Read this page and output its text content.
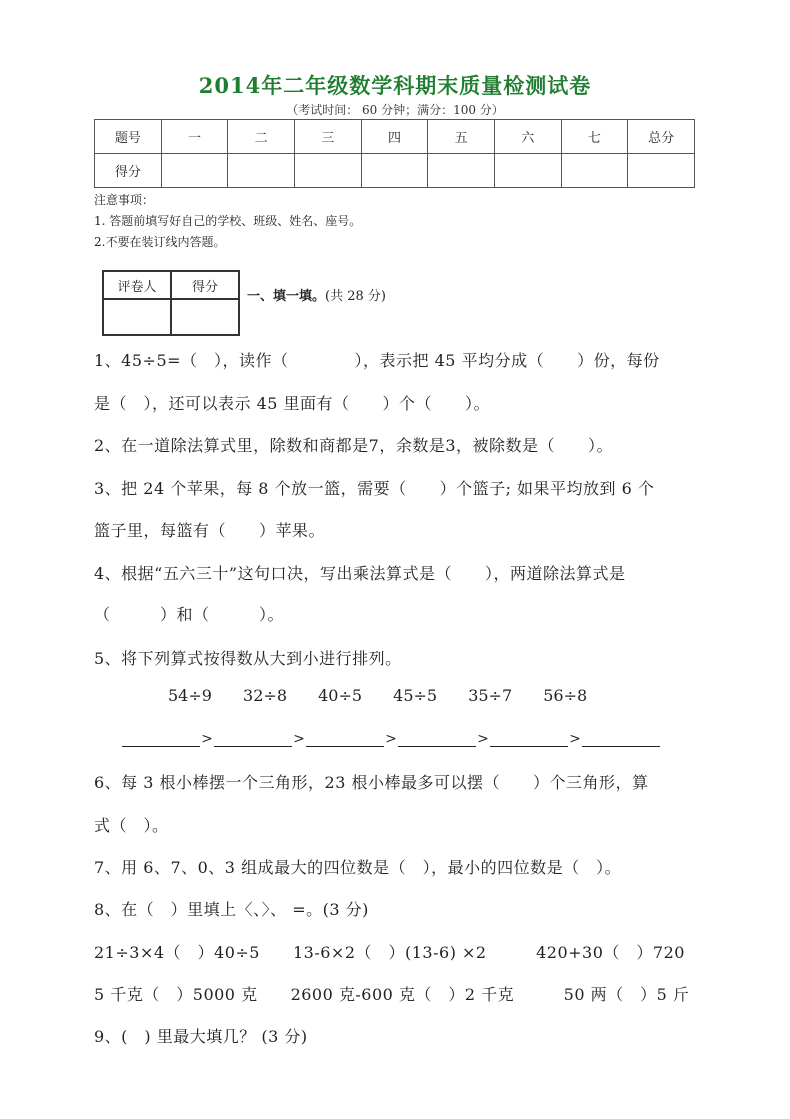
2014年二年级数学科期末质量检测试卷
（考试时间： 60 分钟；满分：100 分）
题号	一	二	三	四	五	六	七	总分
得分								
注意事项：
1. 答题前填写好自己的学校、班级、姓名、座号。
2.不要在装订线内答题。
评卷人	得分

一、填一填。(共 28 分)
1、45÷5=（　），读作（　　　　），表示把 45 平均分成（　　）份，每份
是（　），还可以表示 45 里面有（　　）个（　　）。
2、在一道除法算式里，除数和商都是7，余数是3，被除数是（　　）。
3、把 24 个苹果，每 8 个放一篮，需要（　　）个篮子; 如果平均放到 6 个
篮子里，每篮有（　　）苹果。
4、根据“五六三十”这句口决，写出乘法算式是（　　），两道除法算式是
（　　　）和（　　　）。
5、将下列算式按得数从大到小进行排列。
54÷9 32÷8 40÷5 45÷5 35÷7 56÷8
>	>	>	>	>
6、每 3 根小棒摆一个三角形，23 根小棒最多可以摆（　　）个三角形，算
式（　）。
7、用 6、7、0、3 组成最大的四位数是（　），最小的四位数是（　）。
8、在（　）里填上〈、〉、 =。(3 分)
21÷3×4（　）40÷5　　13-6×2（　）(13-6) ×2　　　420+30（　）720
5 千克（　）5000 克　　2600 克-600 克（　）2 千克　　　50 两（　）5 斤
9、(　) 里最大填几？ (3 分)
